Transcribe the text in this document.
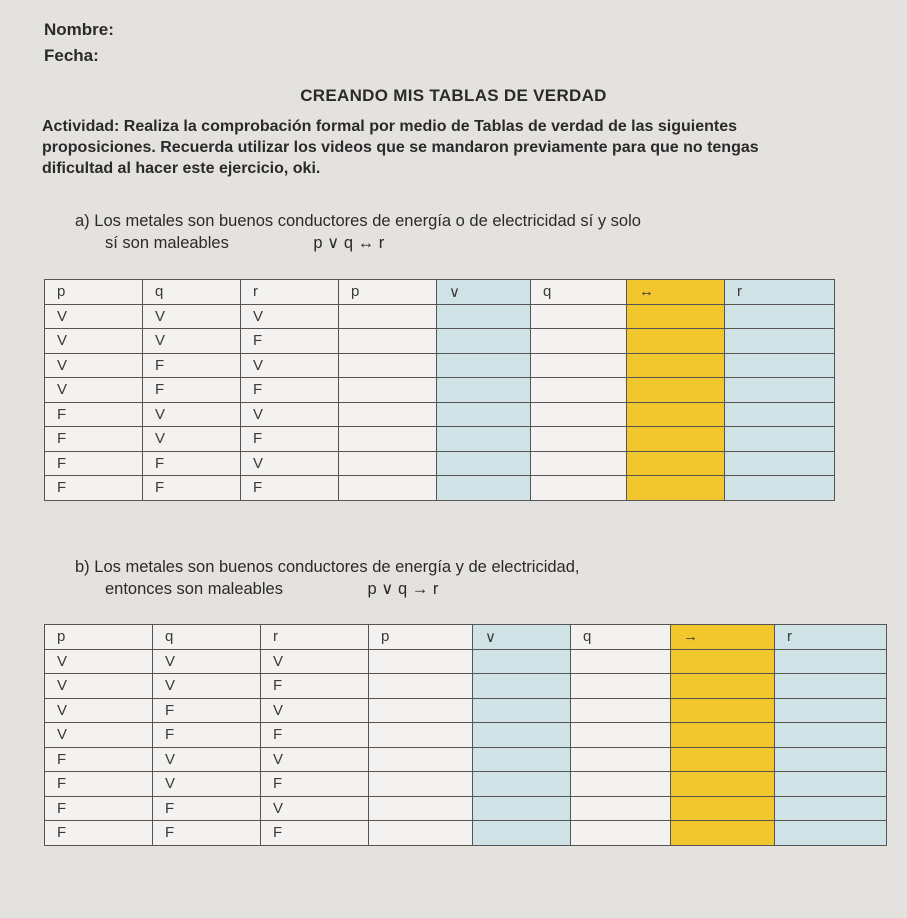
Nombre:
Fecha:
CREANDO MIS TABLAS DE VERDAD
Actividad: Realiza la comprobación formal por medio de Tablas de verdad de las siguientes proposiciones. Recuerda utilizar los videos que se mandaron previamente para que no tengas dificultad al hacer este ejercicio, oki.
a) Los metales son buenos conductores de energía o de electricidad sí y solo
sí son maleables	p ∨ q ↔ r
p	q	r	p	∨	q	↔	r
V	V	V					
V	V	F					
V	F	V					
V	F	F					
F	V	V					
F	V	F					
F	F	V					
F	F	F					
b) Los metales son buenos conductores de energía y de electricidad,
entonces son maleables	p ∨ q → r
p	q	r	p	∨	q	→	r
V	V	V					
V	V	F					
V	F	V					
V	F	F					
F	V	V					
F	V	F					
F	F	V					
F	F	F					
